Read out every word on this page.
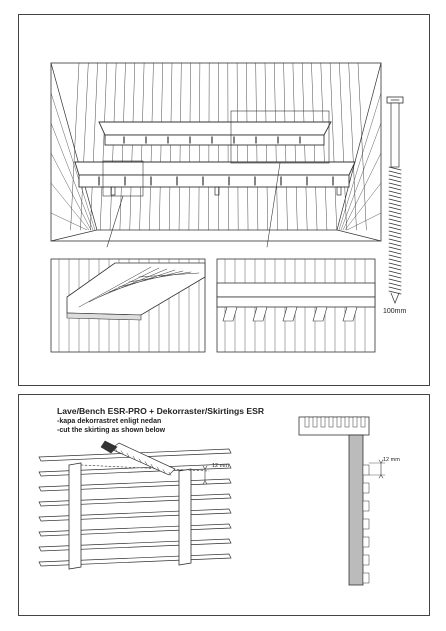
100mm
Lave/Bench ESR-PRO + Dekorraster/Skirtings ESR
-kapa dekorrastret enligt nedan
-cut the skirting as shown below
12 mm
12 mm
